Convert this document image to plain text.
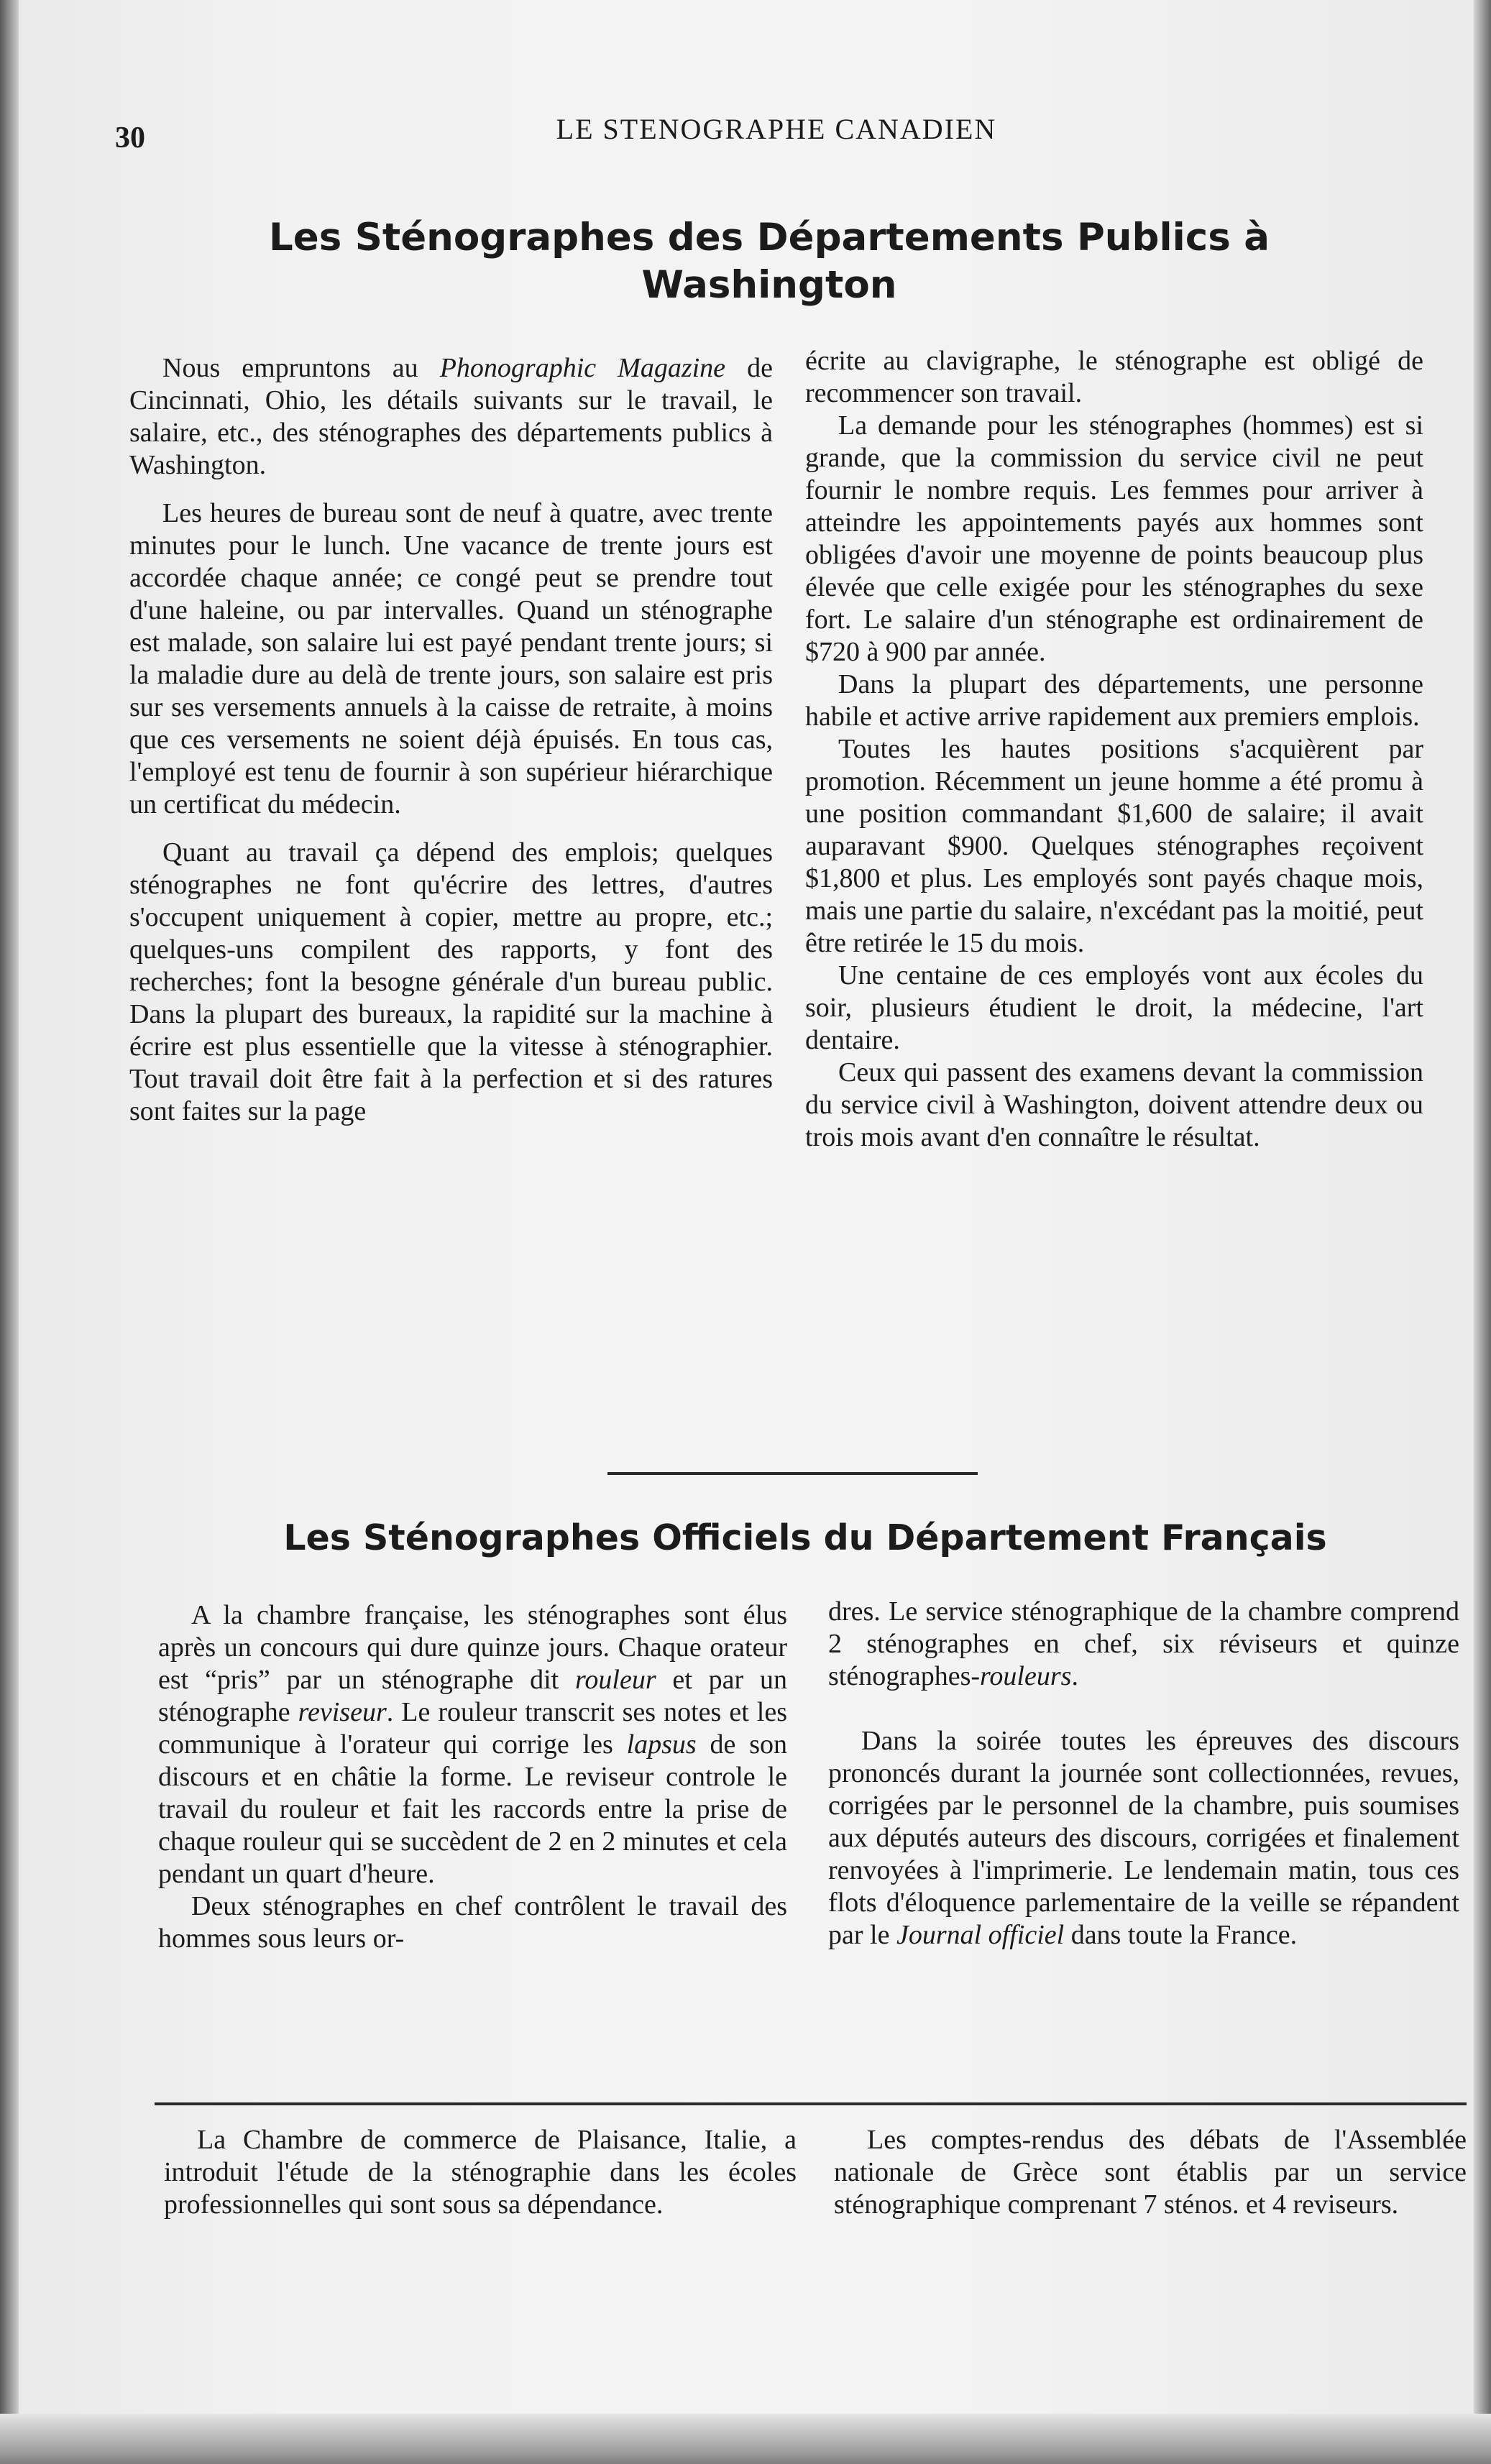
30	LE STENOGRAPHE CANADIEN
Les Sténographes des Départements Publics à Washington

Nous empruntons au Phonographic Magazine de Cincinnati, Ohio, les détails suivants sur le travail, le salaire, etc., des sténographes des départements publics à Washington.

Les heures de bureau sont de neuf à quatre, avec trente minutes pour le lunch. Une vacance de trente jours est accordée chaque année; ce congé peut se prendre tout d'une haleine, ou par intervalles. Quand un sténographe est malade, son salaire lui est payé pendant trente jours; si la maladie dure au delà de trente jours, son salaire est pris sur ses versements annuels à la caisse de retraite, à moins que ces versements ne soient déjà épuisés. En tous cas, l'employé est tenu de fournir à son supérieur hiérarchique un certificat du médecin.

Quant au travail ça dépend des emplois; quelques sténographes ne font qu'écrire des lettres, d'autres s'occupent uniquement à copier, mettre au propre, etc.; quelques-uns compilent des rapports, y font des recherches; font la besogne générale d'un bureau public. Dans la plupart des bureaux, la rapidité sur la machine à écrire est plus essentielle que la vitesse à sténographier. Tout travail doit être fait à la perfection et si des ratures sont faites sur la page

écrite au clavigraphe, le sténographe est obligé de recommencer son travail.

La demande pour les sténographes (hommes) est si grande, que la commission du service civil ne peut fournir le nombre requis. Les femmes pour arriver à atteindre les appointements payés aux hommes sont obligées d'avoir une moyenne de points beaucoup plus élevée que celle exigée pour les sténographes du sexe fort. Le salaire d'un sténographe est ordinairement de $720 à 900 par année.

Dans la plupart des départements, une personne habile et active arrive rapidement aux premiers emplois.

Toutes les hautes positions s'acquièrent par promotion. Récemment un jeune homme a été promu à une position commandant $1,600 de salaire; il avait auparavant $900. Quelques sténographes reçoivent $1,800 et plus. Les employés sont payés chaque mois, mais une partie du salaire, n'excédant pas la moitié, peut être retirée le 15 du mois.

Une centaine de ces employés vont aux écoles du soir, plusieurs étudient le droit, la médecine, l'art dentaire.

Ceux qui passent des examens devant la commission du service civil à Washington, doivent attendre deux ou trois mois avant d'en connaître le résultat.

Les Sténographes Officiels du Département Français

A la chambre française, les sténographes sont élus après un concours qui dure quinze jours. Chaque orateur est “pris” par un sténographe dit rouleur et par un sténographe reviseur. Le rouleur transcrit ses notes et les communique à l'orateur qui corrige les lapsus de son discours et en châtie la forme. Le reviseur controle le travail du rouleur et fait les raccords entre la prise de chaque rouleur qui se succèdent de 2 en 2 minutes et cela pendant un quart d'heure.

Deux sténographes en chef contrôlent le travail des hommes sous leurs or-

dres. Le service sténographique de la chambre comprend 2 sténographes en chef, six réviseurs et quinze sténographes-rouleurs.

Dans la soirée toutes les épreuves des discours prononcés durant la journée sont collectionnées, revues, corrigées par le personnel de la chambre, puis soumises aux députés auteurs des discours, corrigées et finalement renvoyées à l'imprimerie. Le lendemain matin, tous ces flots d'éloquence parlementaire de la veille se répandent par le Journal officiel dans toute la France.

La Chambre de commerce de Plaisance, Italie, a introduit l'étude de la sténographie dans les écoles professionnelles qui sont sous sa dépendance.

Les comptes-rendus des débats de l'Assemblée nationale de Grèce sont établis par un service sténographique comprenant 7 sténos. et 4 reviseurs.
